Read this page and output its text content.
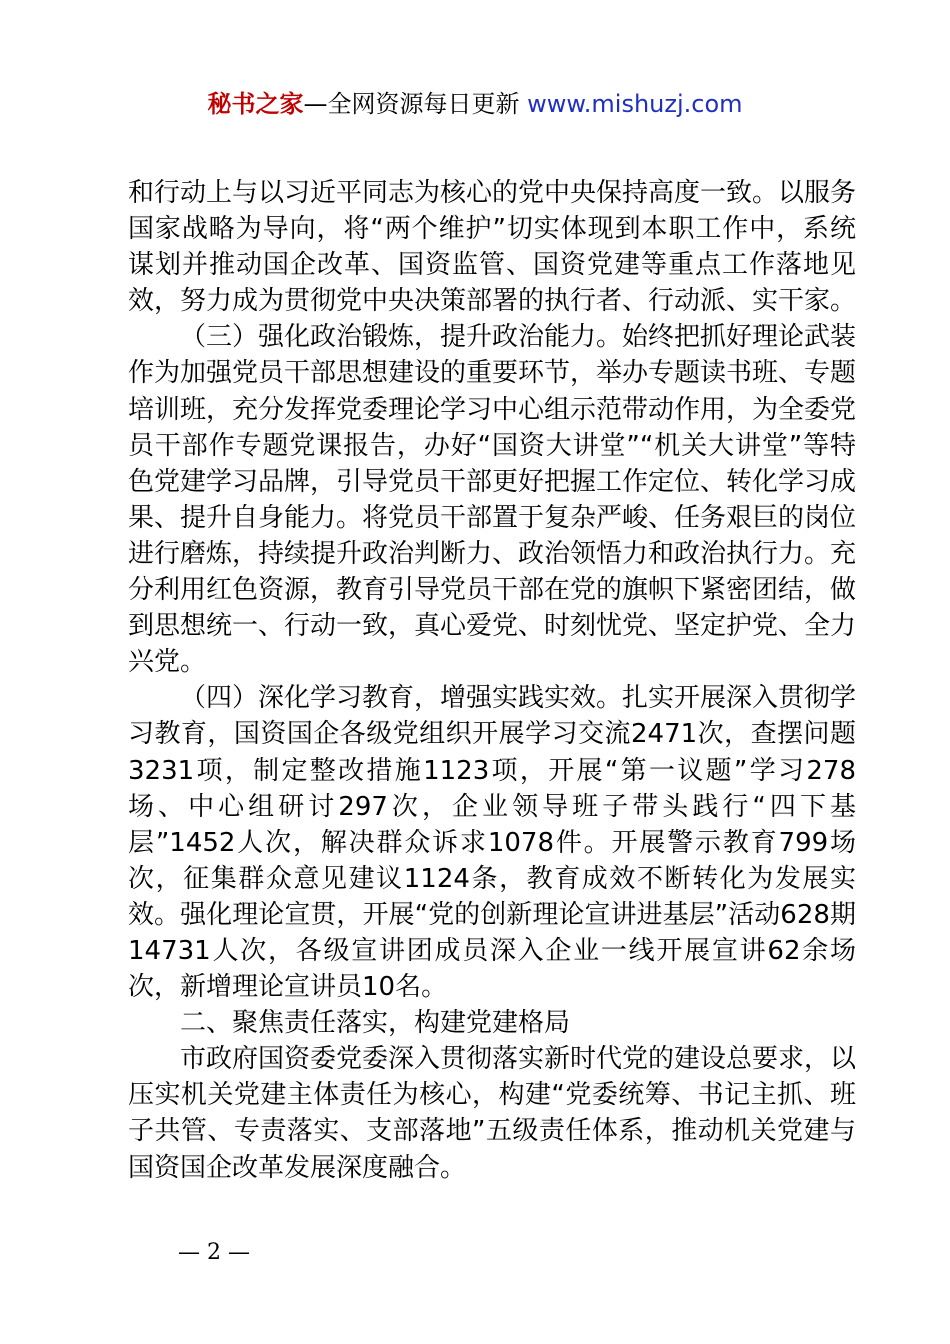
秘书之家—全网资源每日更新 www.mishuzj.com

和行动上与以习近平同志为核心的党中央保持高度一致。以服务国家战略为导向，将“两个维护”切实体现到本职工作中，系统谋划并推动国企改革、国资监管、国资党建等重点工作落地见效，努力成为贯彻党中央决策部署的执行者、行动派、实干家。

（三）强化政治锻炼，提升政治能力。始终把抓好理论武装作为加强党员干部思想建设的重要环节，举办专题读书班、专题培训班，充分发挥党委理论学习中心组示范带动作用，为全委党员干部作专题党课报告，办好“国资大讲堂”“机关大讲堂”等特色党建学习品牌，引导党员干部更好把握工作定位、转化学习成果、提升自身能力。将党员干部置于复杂严峻、任务艰巨的岗位进行磨炼，持续提升政治判断力、政治领悟力和政治执行力。充分利用红色资源，教育引导党员干部在党的旗帜下紧密团结，做到思想统一、行动一致，真心爱党、时刻忧党、坚定护党、全力兴党。

（四）深化学习教育，增强实践实效。扎实开展深入贯彻学习教育，国资国企各级党组织开展学习交流2471次，查摆问题3231项，制定整改措施1123项，开展“第一议题”学习278场、中心组研讨297次，企业领导班子带头践行“四下基层”1452人次，解决群众诉求1078件。开展警示教育799场次，征集群众意见建议1124条，教育成效不断转化为发展实效。强化理论宣贯，开展“党的创新理论宣讲进基层”活动628期14731人次，各级宣讲团成员深入企业一线开展宣讲62余场次，新增理论宣讲员10名。

二、聚焦责任落实，构建党建格局

市政府国资委党委深入贯彻落实新时代党的建设总要求，以压实机关党建主体责任为核心，构建“党委统筹、书记主抓、班子共管、专责落实、支部落地”五级责任体系，推动机关党建与国资国企改革发展深度融合。

— 2 —
